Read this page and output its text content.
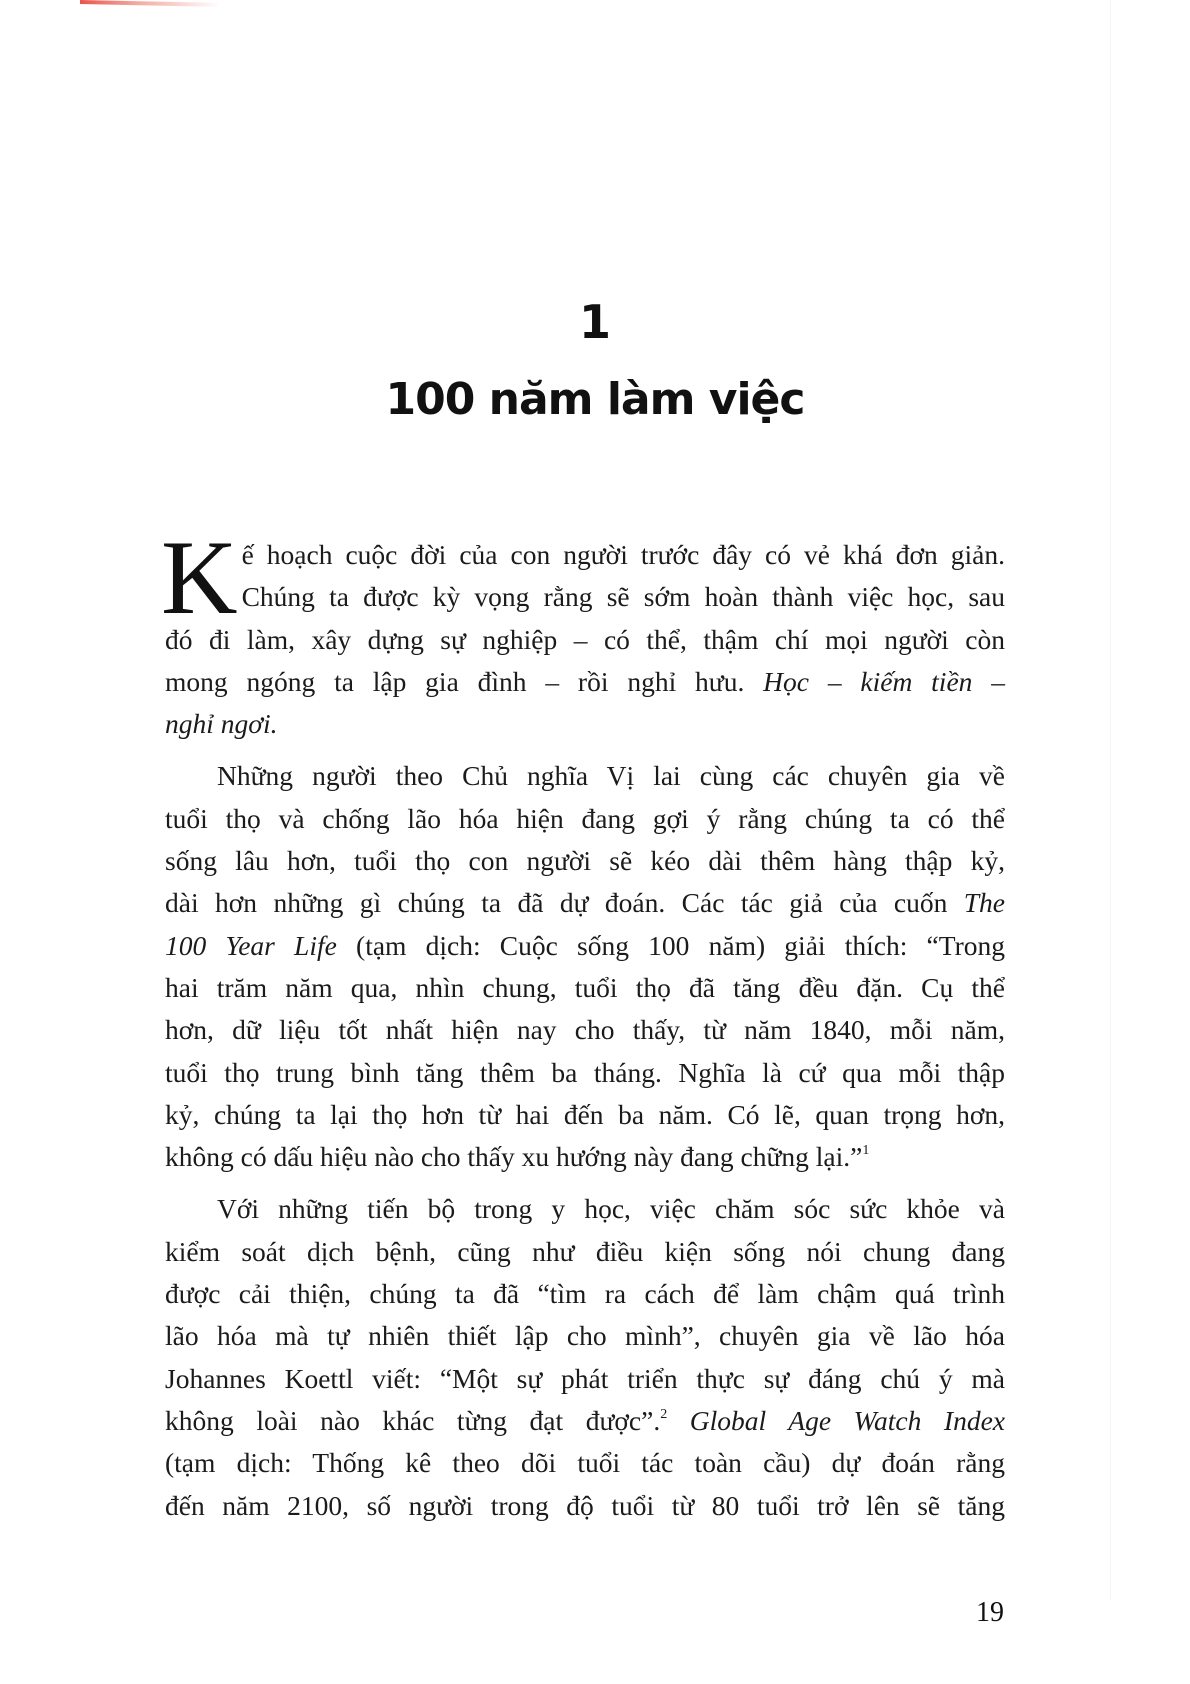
1
100 năm làm việc

K ế hoạch cuộc đời của con người trước đây có vẻ khá đơn giản.
Chúng ta được kỳ vọng rằng sẽ sớm hoàn thành việc học, sau
đó đi làm, xây dựng sự nghiệp – có thể, thậm chí mọi người còn
mong ngóng ta lập gia đình – rồi nghỉ hưu. Học – kiếm tiền –
nghỉ ngơi.

Những người theo Chủ nghĩa Vị lai cùng các chuyên gia về
tuổi thọ và chống lão hóa hiện đang gợi ý rằng chúng ta có thể
sống lâu hơn, tuổi thọ con người sẽ kéo dài thêm hàng thập kỷ,
dài hơn những gì chúng ta đã dự đoán. Các tác giả của cuốn The
100 Year Life (tạm dịch: Cuộc sống 100 năm) giải thích: “Trong
hai trăm năm qua, nhìn chung, tuổi thọ đã tăng đều đặn. Cụ thể
hơn, dữ liệu tốt nhất hiện nay cho thấy, từ năm 1840, mỗi năm,
tuổi thọ trung bình tăng thêm ba tháng. Nghĩa là cứ qua mỗi thập
kỷ, chúng ta lại thọ hơn từ hai đến ba năm. Có lẽ, quan trọng hơn,
không có dấu hiệu nào cho thấy xu hướng này đang chững lại.”$^1$

Với những tiến bộ trong y học, việc chăm sóc sức khỏe và
kiểm soát dịch bệnh, cũng như điều kiện sống nói chung đang
được cải thiện, chúng ta đã “tìm ra cách để làm chậm quá trình
lão hóa mà tự nhiên thiết lập cho mình”, chuyên gia về lão hóa
Johannes Koettl viết: “Một sự phát triển thực sự đáng chú ý mà
không loài nào khác từng đạt được”.$^2$ Global Age Watch Index
(tạm dịch: Thống kê theo dõi tuổi tác toàn cầu) dự đoán rằng
đến năm 2100, số người trong độ tuổi từ 80 tuổi trở lên sẽ tăng

19
